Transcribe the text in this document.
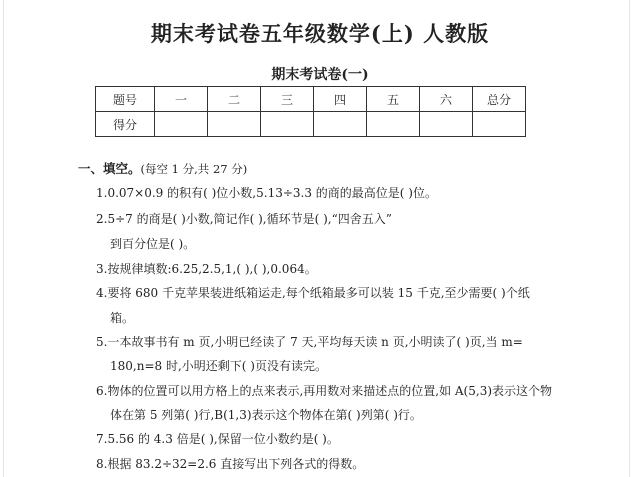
期末考试卷五年级数学(上) 人教版
期末考试卷(一)
题号	一	二	三	四	五	六	总分
得分							
一、填空。(每空 1 分,共 27 分)
1.0.07×0.9 的积有( )位小数,5.13÷3.3 的商的最高位是( )位。
2.5÷7 的商是( )小数,简记作( ),循环节是( ),“四舍五入”
到百分位是( )。
3.按规律填数:6.25,2.5,1,( ),( ),0.064。
4.要将 680 千克苹果装进纸箱运走,每个纸箱最多可以装 15 千克,至少需要( )个纸
箱。
5.一本故事书有 m 页,小明已经读了 7 天,平均每天读 n 页,小明读了( )页,当 m=
180,n=8 时,小明还剩下( )页没有读完。
6.物体的位置可以用方格上的点来表示,再用数对来描述点的位置,如 A(5,3)表示这个物
体在第 5 列第( )行,B(1,3)表示这个物体在第( )列第( )行。
7.5.56 的 4.3 倍是( ),保留一位小数约是( )。
8.根据 83.2÷32=2.6 直接写出下列各式的得数。
